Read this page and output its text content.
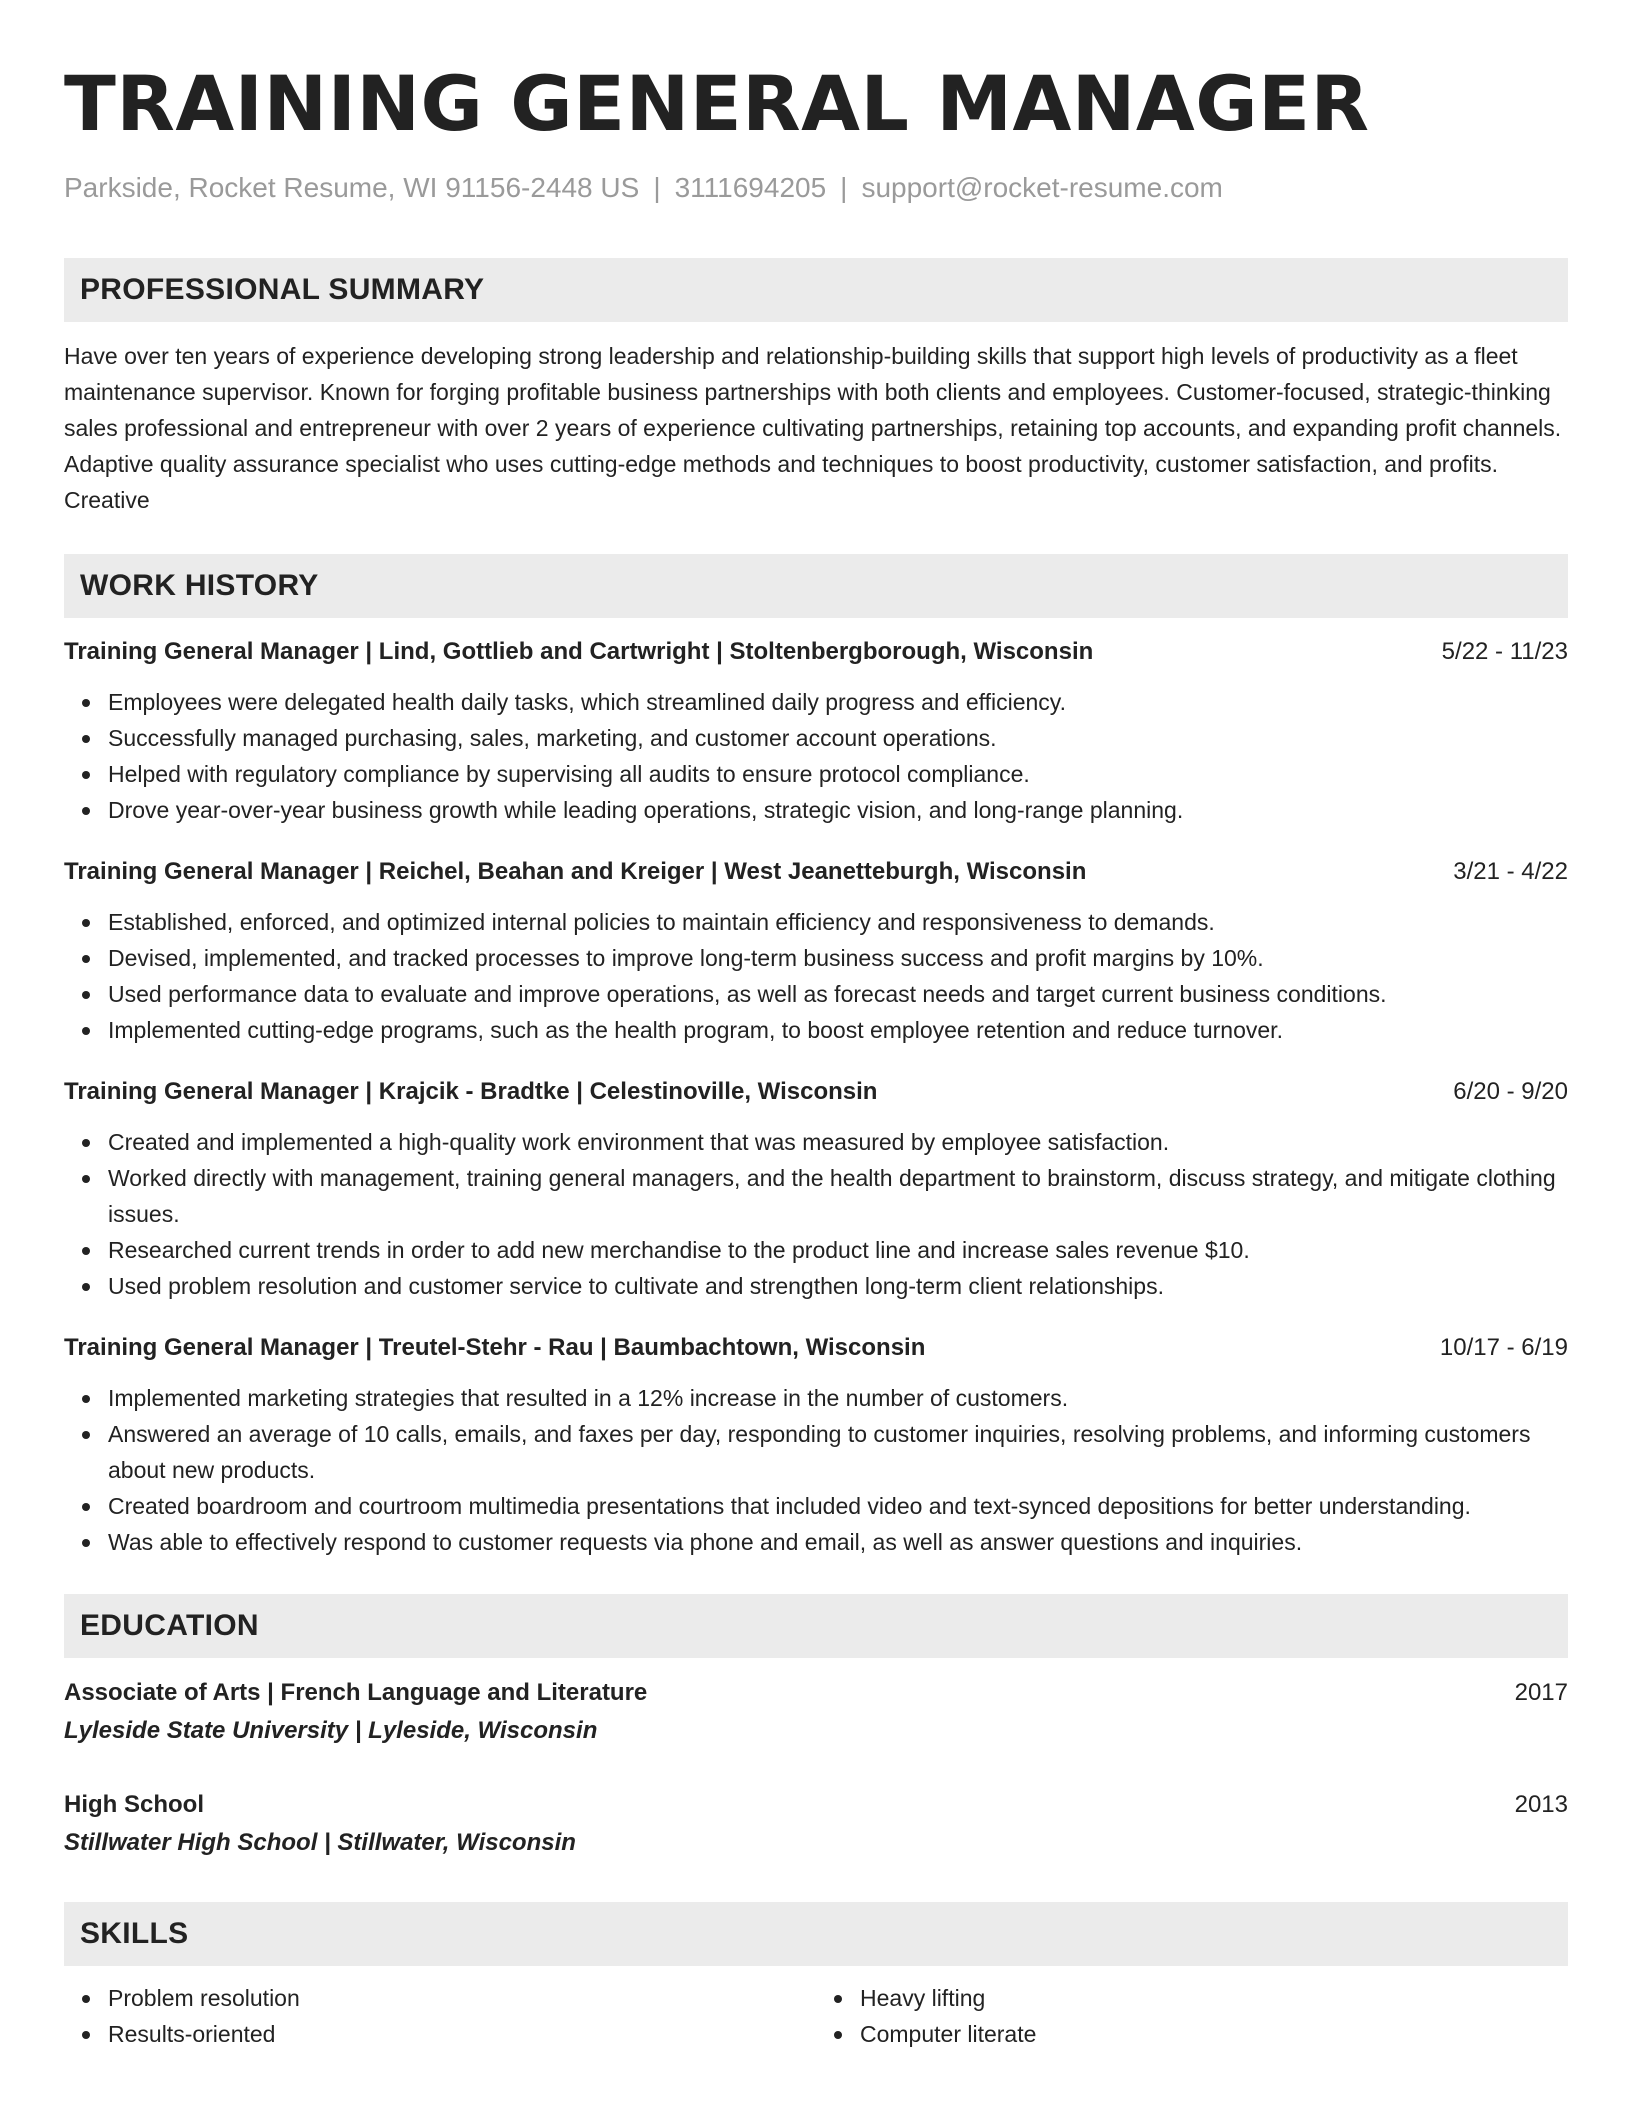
TRAINING GENERAL MANAGER
Parkside, Rocket Resume, WI 91156-2448 US | 3111694205 | support@rocket-resume.com
PROFESSIONAL SUMMARY
Have over ten years of experience developing strong leadership and relationship-building skills that support high levels of productivity as a fleet maintenance supervisor. Known for forging profitable business partnerships with both clients and employees. Customer-focused, strategic-thinking sales professional and entrepreneur with over 2 years of experience cultivating partnerships, retaining top accounts, and expanding profit channels. Adaptive quality assurance specialist who uses cutting-edge methods and techniques to boost productivity, customer satisfaction, and profits. Creative
WORK HISTORY
Training General Manager | Lind, Gottlieb and Cartwright | Stoltenbergborough, Wisconsin	5/22 - 11/23
Employees were delegated health daily tasks, which streamlined daily progress and efficiency.
Successfully managed purchasing, sales, marketing, and customer account operations.
Helped with regulatory compliance by supervising all audits to ensure protocol compliance.
Drove year-over-year business growth while leading operations, strategic vision, and long-range planning.
Training General Manager | Reichel, Beahan and Kreiger | West Jeanetteburgh, Wisconsin	3/21 - 4/22
Established, enforced, and optimized internal policies to maintain efficiency and responsiveness to demands.
Devised, implemented, and tracked processes to improve long-term business success and profit margins by 10%.
Used performance data to evaluate and improve operations, as well as forecast needs and target current business conditions.
Implemented cutting-edge programs, such as the health program, to boost employee retention and reduce turnover.
Training General Manager | Krajcik - Bradtke | Celestinoville, Wisconsin	6/20 - 9/20
Created and implemented a high-quality work environment that was measured by employee satisfaction.
Worked directly with management, training general managers, and the health department to brainstorm, discuss strategy, and mitigate clothing issues.
Researched current trends in order to add new merchandise to the product line and increase sales revenue $10.
Used problem resolution and customer service to cultivate and strengthen long-term client relationships.
Training General Manager | Treutel-Stehr - Rau | Baumbachtown, Wisconsin	10/17 - 6/19
Implemented marketing strategies that resulted in a 12% increase in the number of customers.
Answered an average of 10 calls, emails, and faxes per day, responding to customer inquiries, resolving problems, and informing customers about new products.
Created boardroom and courtroom multimedia presentations that included video and text-synced depositions for better understanding.
Was able to effectively respond to customer requests via phone and email, as well as answer questions and inquiries.
EDUCATION
Associate of Arts | French Language and Literature	2017
Lyleside State University | Lyleside, Wisconsin
High School	2013
Stillwater High School | Stillwater, Wisconsin
SKILLS
Problem resolution
Results-oriented
Heavy lifting
Computer literate
